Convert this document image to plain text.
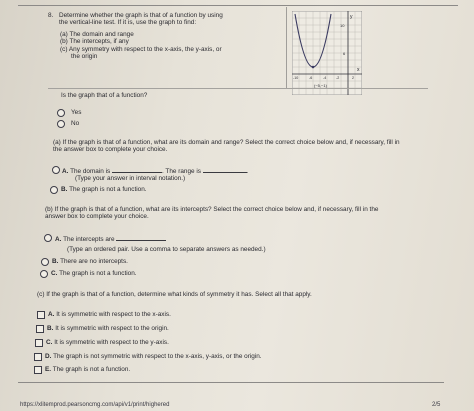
8. Determine whether the graph is that of a function by using
the vertical-line test. If it is, use the graph to find:
(a) The domain and range
(b) The intercepts, if any
(c) Any symmetry with respect to the x-axis, the y-axis, or
the origin
y
x
10
6
-10	-6	-4	-2	2
(−5,−1)
Is the graph that of a function?
Yes
No
(a) If the graph is that of a function, what are its domain and range? Select the correct choice below and, if necessary, fill in
the answer box to complete your choice.
A. The domain is	. The range is	.
(Type your answer in interval notation.)
B. The graph is not a function.
(b) If the graph is that of a function, what are its intercepts? Select the correct choice below and, if necessary, fill in the
answer box to complete your choice.
A. The intercepts are
(Type an ordered pair. Use a comma to separate answers as needed.)
B. There are no intercepts.
C. The graph is not a function.
(c) If the graph is that of a function, determine what kinds of symmetry it has. Select all that apply.
A. It is symmetric with respect to the x-axis.
B. It is symmetric with respect to the origin.
C. It is symmetric with respect to the y-axis.
D. The graph is not symmetric with respect to the x-axis, y-axis, or the origin.
E. The graph is not a function.
https://xlitemprod.pearsoncmg.com/api/v1/print/highered	2/5
